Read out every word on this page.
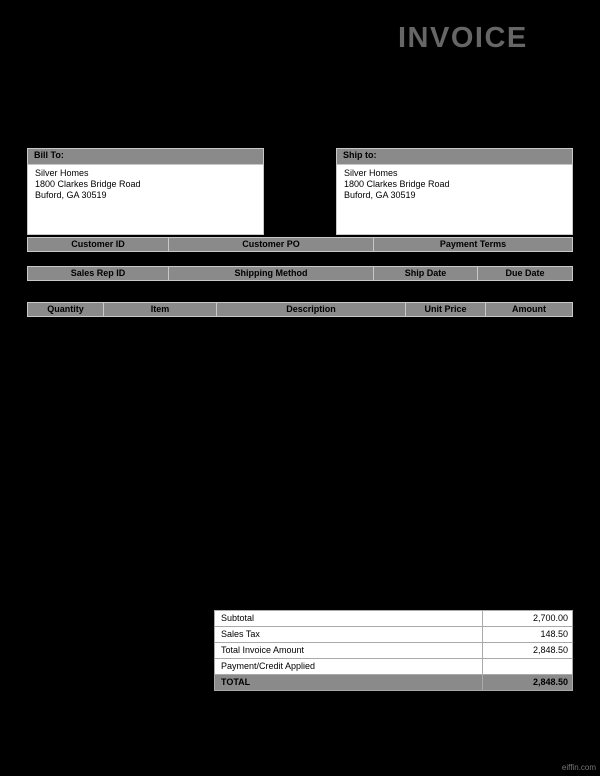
INVOICE
Bill To:
Silver Homes
1800 Clarkes Bridge Road
Buford, GA 30519
Ship to:
Silver Homes
1800 Clarkes Bridge Road
Buford, GA 30519
Customer ID	Customer PO	Payment Terms
Sales Rep ID	Shipping Method	Ship Date	Due Date
Quantity	Item	Description	Unit Price	Amount
Subtotal	2,700.00
Sales Tax	148.50
Total Invoice Amount	2,848.50
Payment/Credit Applied
TOTAL	2,848.50
eiffin.com
